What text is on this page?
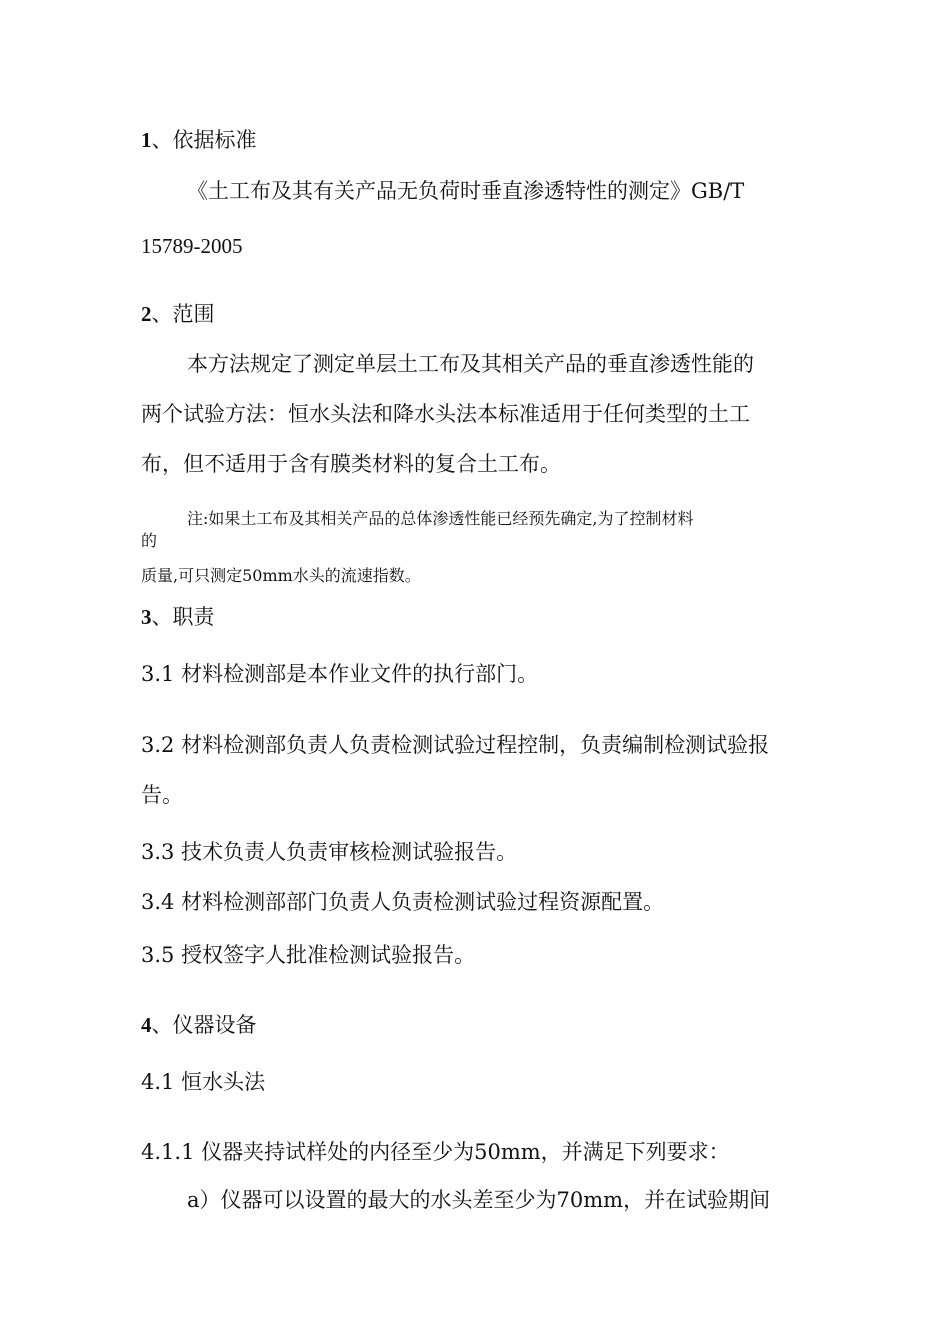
1、依据标准
《土工布及其有关产品无负荷时垂直渗透特性的测定》GB/T
15789-2005
2、范围
本方法规定了测定单层土工布及其相关产品的垂直渗透性能的
两个试验方法：恒水头法和降水头法本标准适用于任何类型的土工
布，但不适用于含有膜类材料的复合土工布。
注:如果土工布及其相关产品的总体渗透性能已经预先确定,为了控制材料
的
质量,可只测定50mm水头的流速指数。
3、职责
3.1 材料检测部是本作业文件的执行部门。
3.2 材料检测部负责人负责检测试验过程控制，负责编制检测试验报
告。
3.3 技术负责人负责审核检测试验报告。
3.4 材料检测部部门负责人负责检测试验过程资源配置。
3.5 授权签字人批准检测试验报告。
4、仪器设备
4.1 恒水头法
4.1.1 仪器夹持试样处的内径至少为50mm，并满足下列要求：
a）仪器可以设置的最大的水头差至少为70mm，并在试验期间
